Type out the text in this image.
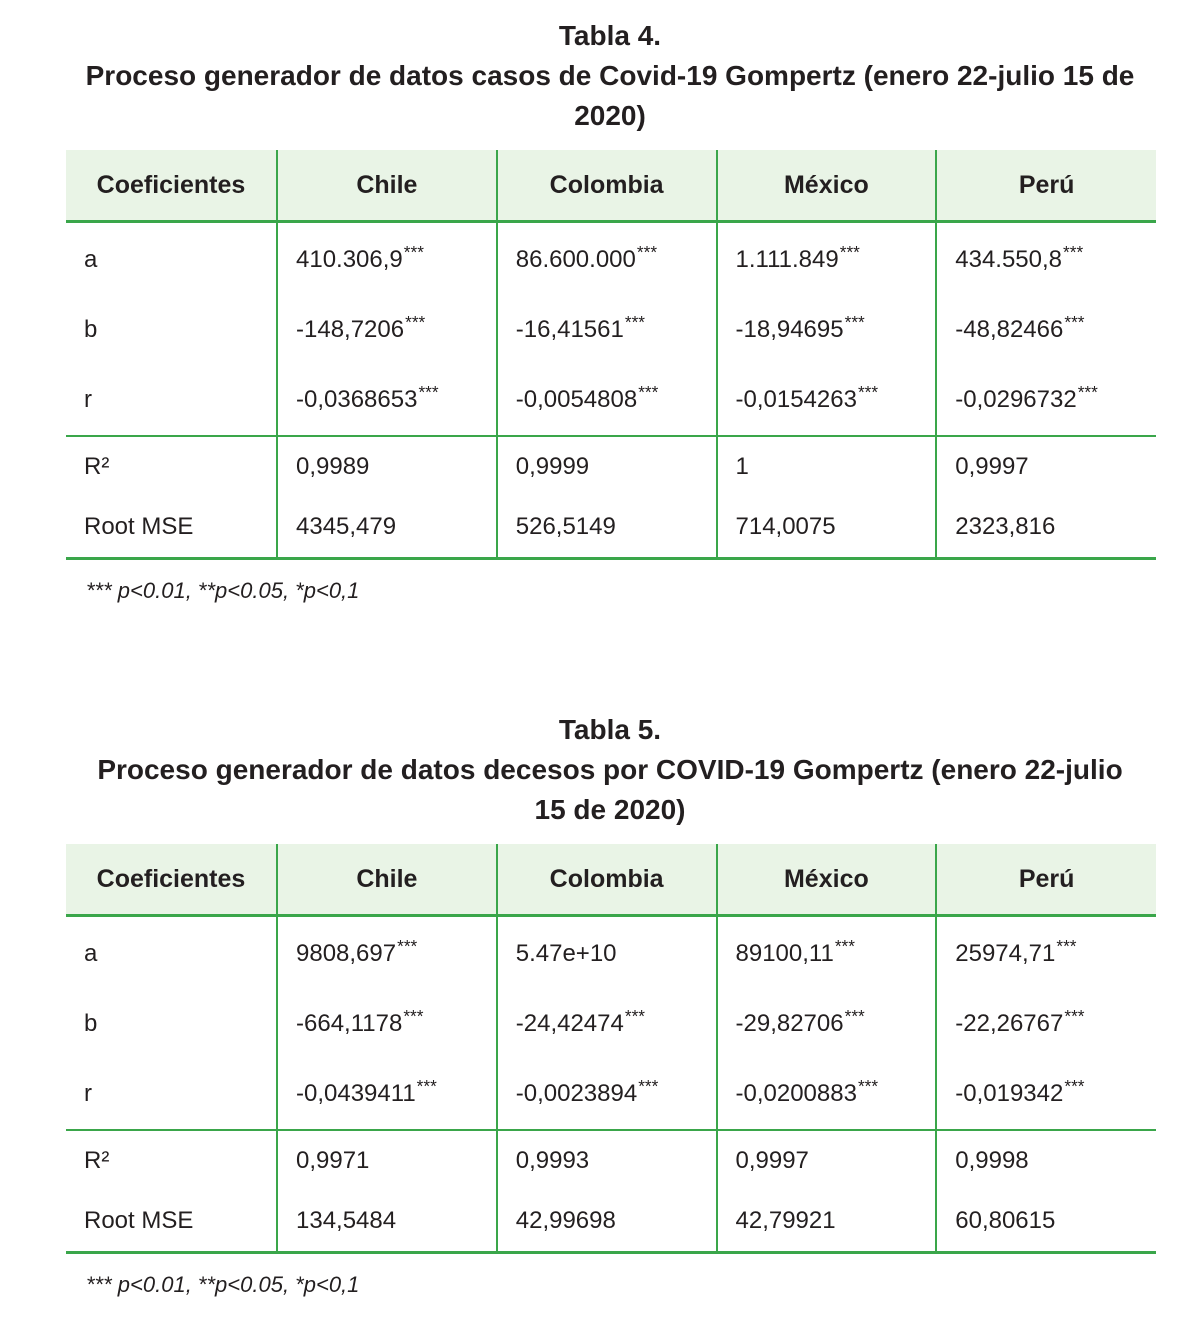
Tabla 4.
Proceso generador de datos casos de Covid-19 Gompertz (enero 22-julio 15 de
2020)
Coeficientes	Chile	Colombia	México	Perú
a	410.306,9***	86.600.000***	1.111.849***	434.550,8***
b	-148,7206***	-16,41561***	-18,94695***	-48,82466***
r	-0,0368653***	-0,0054808***	-0,0154263***	-0,0296732***
R²	0,9989	0,9999	1	0,9997
Root MSE	4345,479	526,5149	714,0075	2323,816
*** p<0.01, **p<0.05, *p<0,1
Tabla 5.
Proceso generador de datos decesos por COVID-19 Gompertz (enero 22-julio
15 de 2020)
Coeficientes	Chile	Colombia	México	Perú
a	9808,697***	5.47e+10	89100,11***	25974,71***
b	-664,1178***	-24,42474***	-29,82706***	-22,26767***
r	-0,0439411***	-0,0023894***	-0,0200883***	-0,019342***
R²	0,9971	0,9993	0,9997	0,9998
Root MSE	134,5484	42,99698	42,79921	60,80615
*** p<0.01, **p<0.05, *p<0,1
